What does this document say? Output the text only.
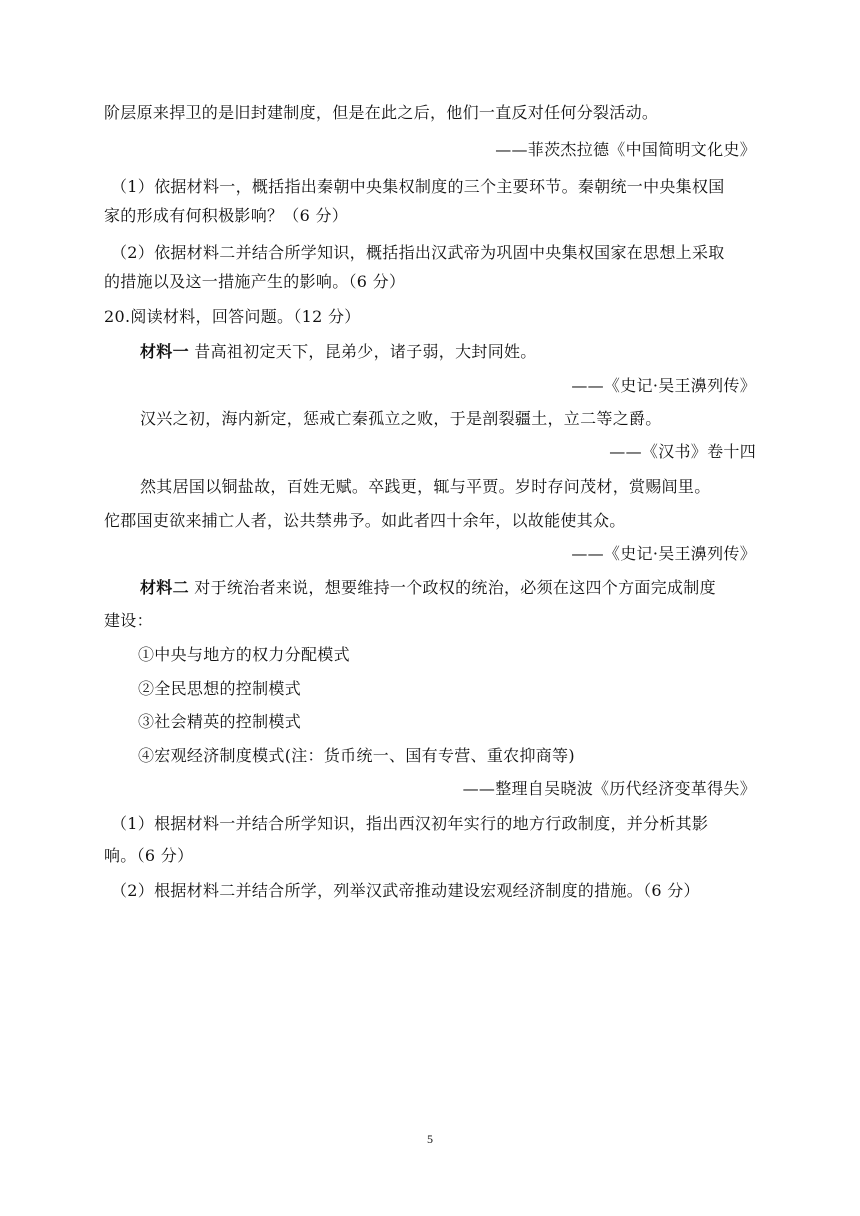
阶层原来捍卫的是旧封建制度，但是在此之后，他们一直反对任何分裂活动。
——菲茨杰拉德《中国简明文化史》
（1）依据材料一，概括指出秦朝中央集权制度的三个主要环节。秦朝统一中央集权国
家的形成有何积极影响？（6 分）
（2）依据材料二并结合所学知识，概括指出汉武帝为巩固中央集权国家在思想上采取
的措施以及这一措施产生的影响。（6 分）
20.阅读材料，回答问题。（12 分）
材料一 昔高祖初定天下，昆弟少，诸子弱，大封同姓。
——《史记·吴王濞列传》
汉兴之初，海内新定，惩戒亡秦孤立之败，于是剖裂疆土，立二等之爵。
——《汉书》卷十四
然其居国以铜盐故，百姓无赋。卒践更，辄与平贾。岁时存问茂材，赏赐闾里。
佗郡国吏欲来捕亡人者，讼共禁弗予。如此者四十余年，以故能使其众。
——《史记·吴王濞列传》
材料二 对于统治者来说，想要维持一个政权的统治，必须在这四个方面完成制度
建设：
①中央与地方的权力分配模式
②全民思想的控制模式
③社会精英的控制模式
④宏观经济制度模式(注：货币统一、国有专营、重农抑商等)
——整理自吴晓波《历代经济变革得失》
（1）根据材料一并结合所学知识，指出西汉初年实行的地方行政制度，并分析其影
响。（6 分）
（2）根据材料二并结合所学，列举汉武帝推动建设宏观经济制度的措施。（6 分）
5
